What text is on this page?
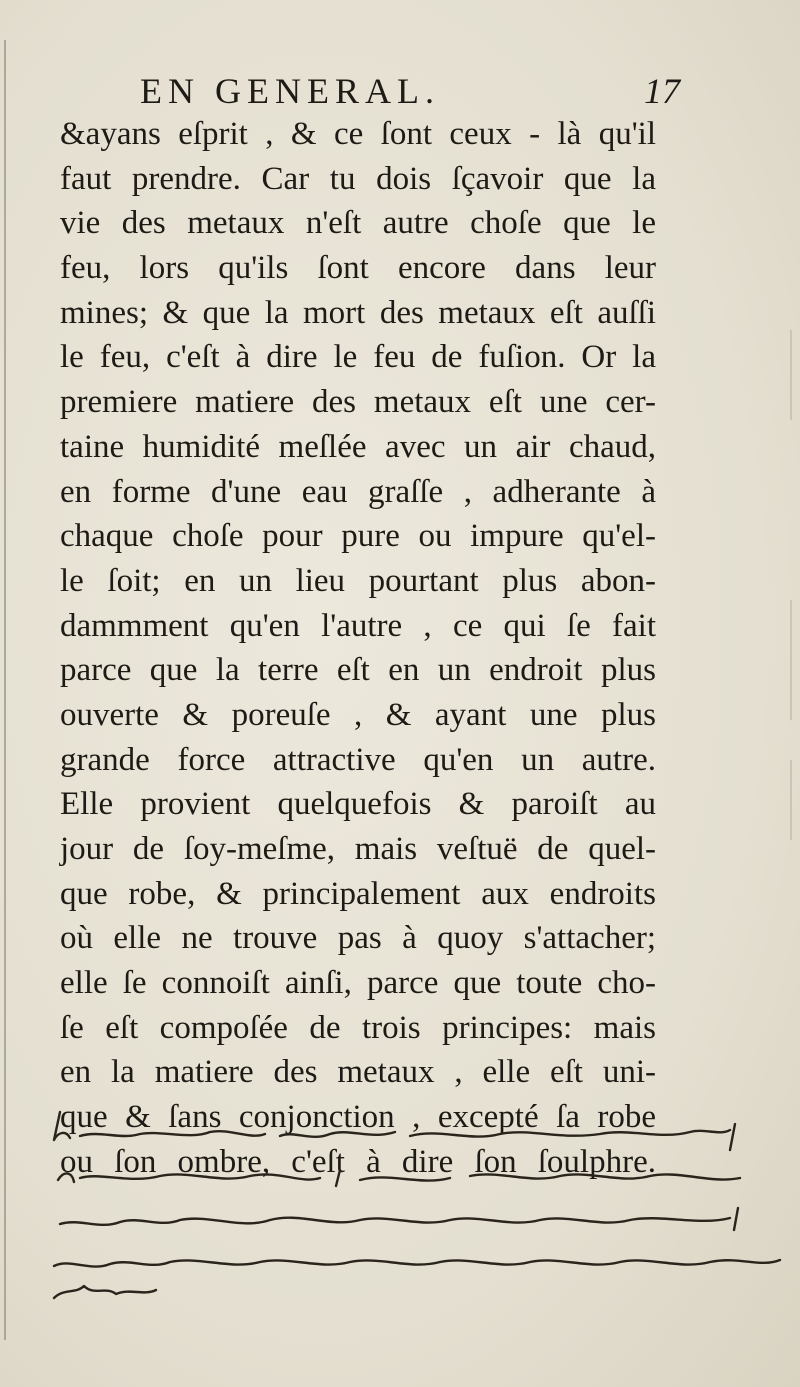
EN GENERAL.	17
&ayans eſprit , & ce ſont ceux - là qu'il
faut prendre. Car tu dois ſçavoir que la
vie des metaux n'eſt autre choſe que le
feu, lors qu'ils ſont encore dans leur
mines; & que la mort des metaux eſt auſſi
le feu, c'eſt à dire le feu de fuſion. Or la
premiere matiere des metaux eſt une cer-
taine humidité meſlée avec un air chaud,
en forme d'une eau graſſe , adherante à
chaque choſe pour pure ou impure qu'el-
le ſoit; en un lieu pourtant plus abon-
dammment qu'en l'autre , ce qui ſe fait
parce que la terre eſt en un endroit plus
ouverte & poreuſe , & ayant une plus
grande force attractive qu'en un autre.
Elle provient quelquefois & paroiſt au
jour de ſoy-meſme, mais veſtuë de quel-
que robe, & principalement aux endroits
où elle ne trouve pas à quoy s'attacher;
elle ſe connoiſt ainſi, parce que toute cho-
ſe eſt compoſée de trois principes: mais
en la matiere des metaux , elle eſt uni-
que & ſans conjonction , excepté ſa robe
ou ſon ombre, c'eſt à dire ſon ſoulphre.
